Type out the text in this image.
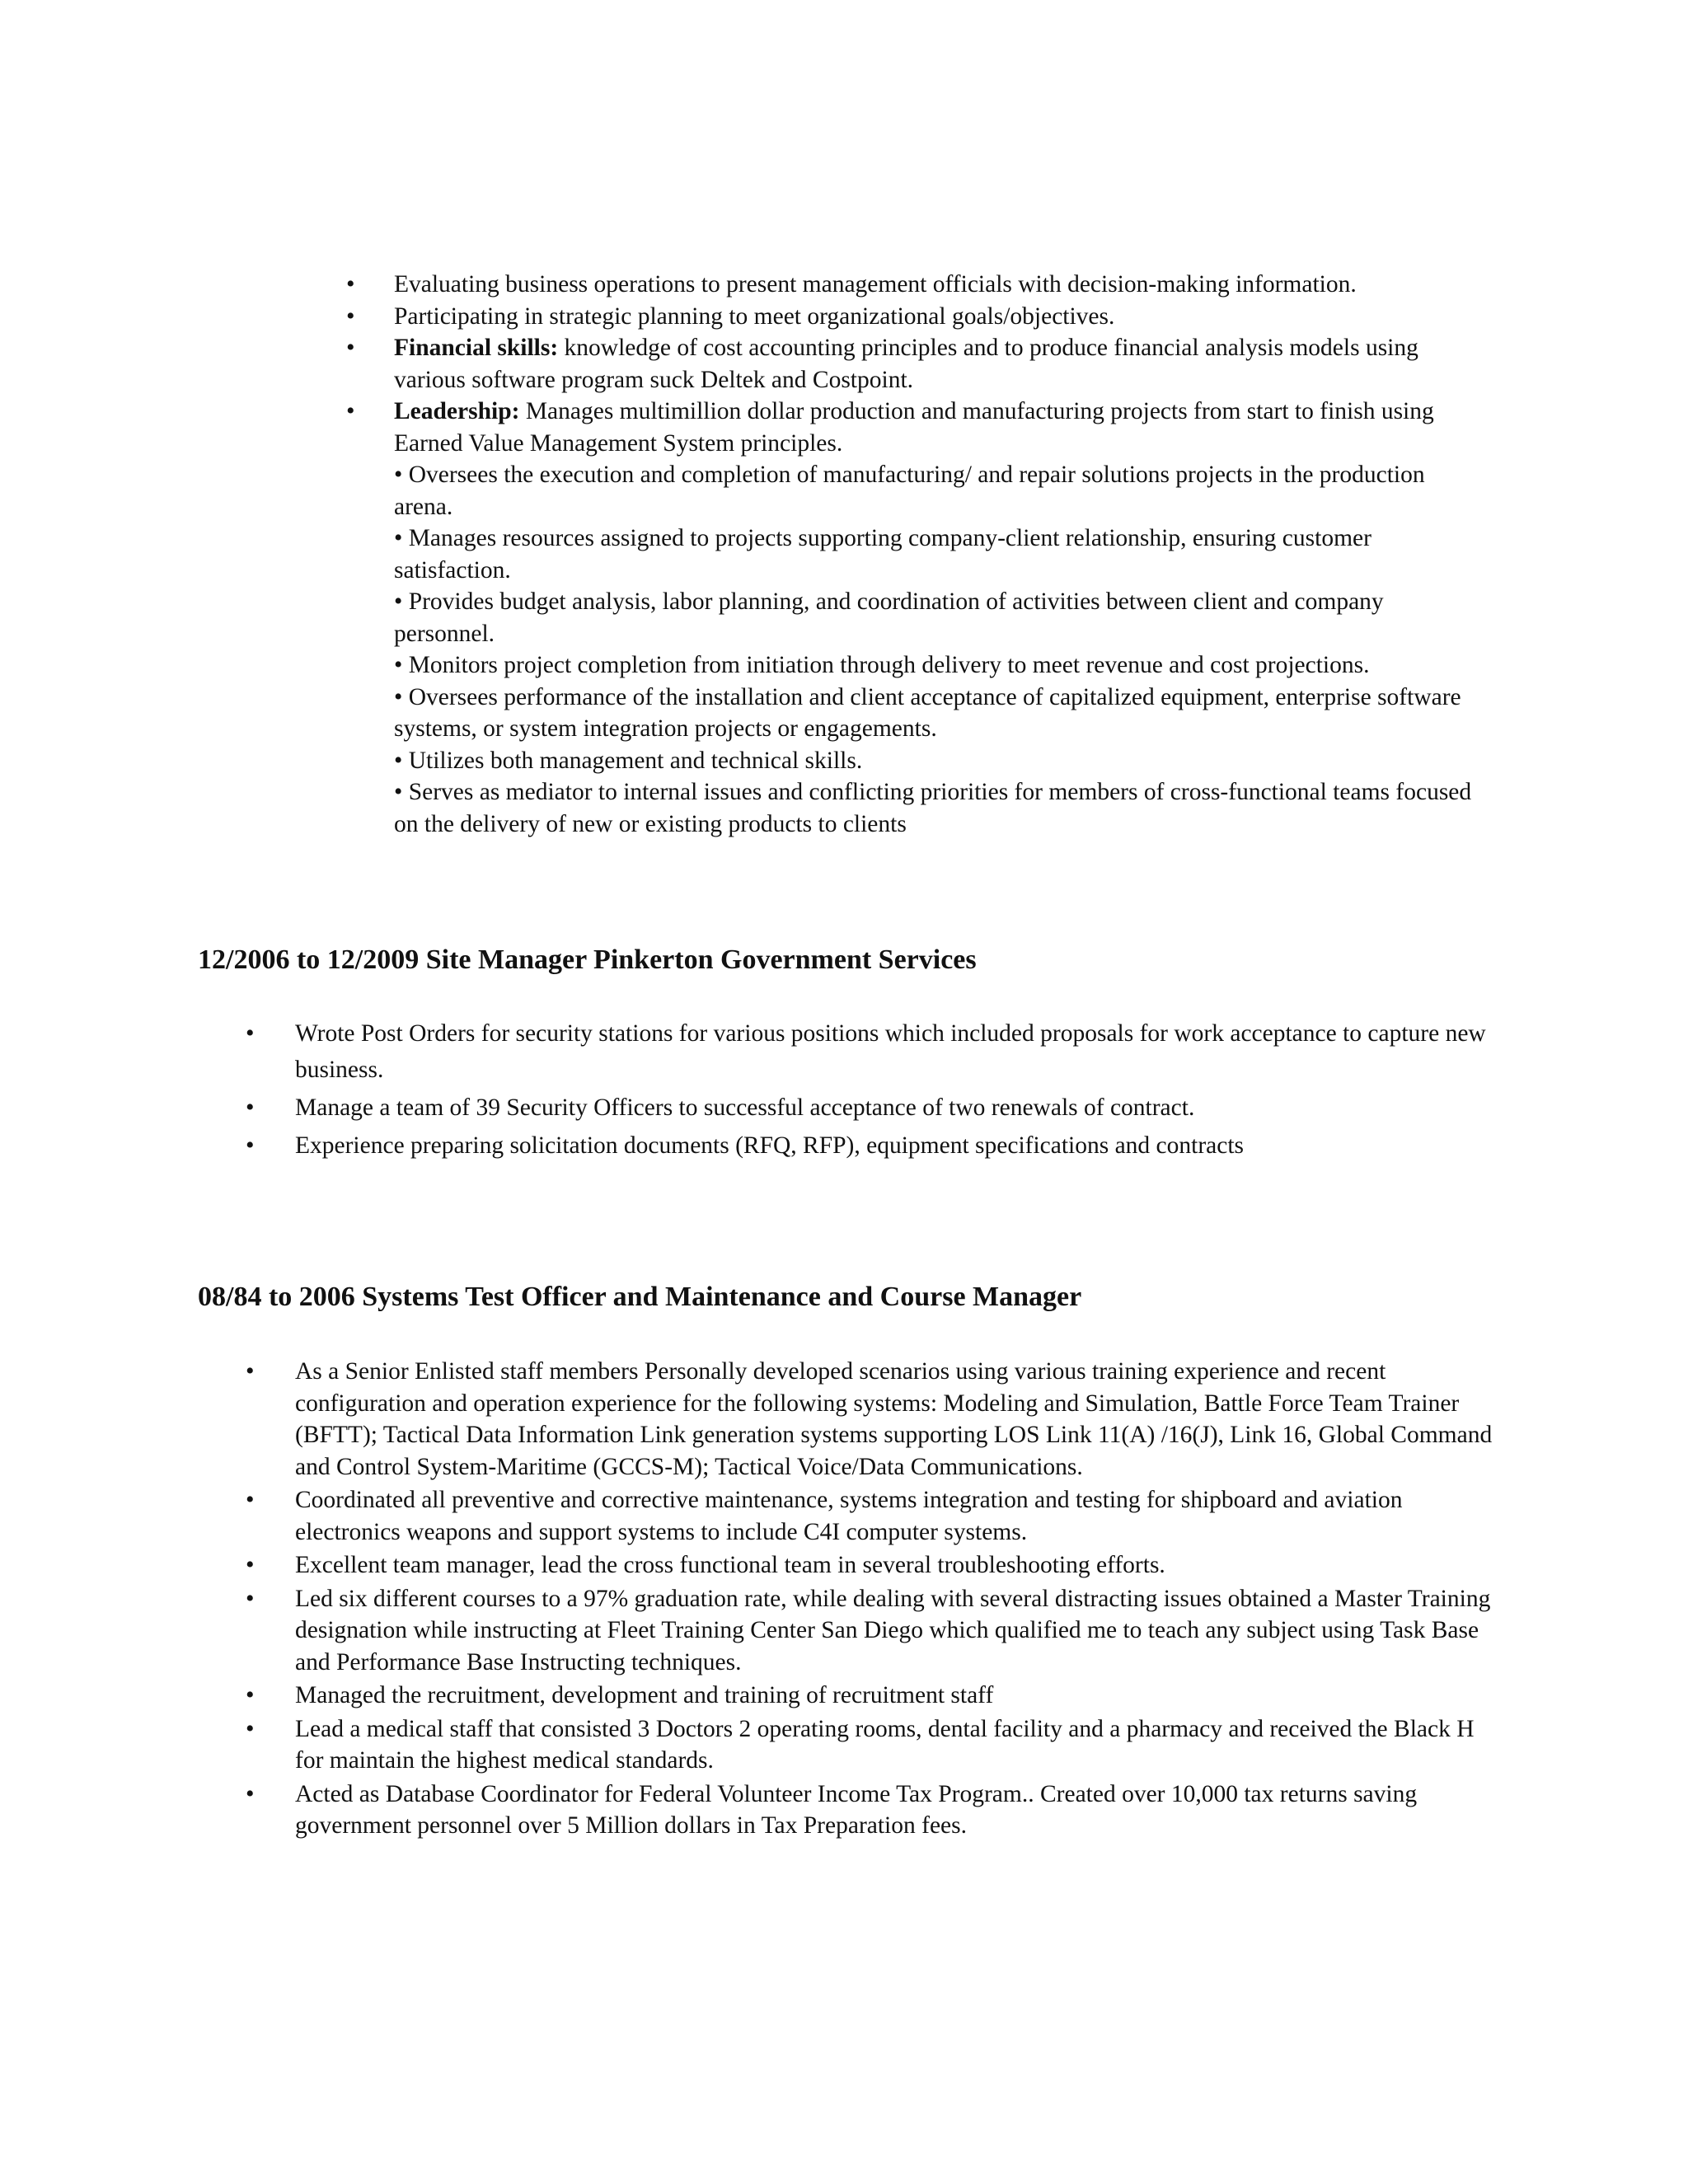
• Evaluating business operations to present management officials with decision-making information.
• Participating in strategic planning to meet organizational goals/objectives.
• Financial skills: knowledge of cost accounting principles and to produce financial analysis models using various software program suck Deltek and Costpoint.
• Leadership: Manages multimillion dollar production and manufacturing projects from start to finish using Earned Value Management System principles.
• Oversees the execution and completion of manufacturing/ and repair solutions projects in the production arena.
• Manages resources assigned to projects supporting company-client relationship, ensuring customer satisfaction.
• Provides budget analysis, labor planning, and coordination of activities between client and company personnel.
• Monitors project completion from initiation through delivery to meet revenue and cost projections.
• Oversees performance of the installation and client acceptance of capitalized equipment, enterprise software systems, or system integration projects or engagements.
• Utilizes both management and technical skills.
• Serves as mediator to internal issues and conflicting priorities for members of cross-functional teams focused on the delivery of new or existing products to clients
12/2006 to 12/2009 Site Manager Pinkerton Government Services
• Wrote Post Orders for security stations for various positions which included proposals for work acceptance to capture new business.
• Manage a team of 39 Security Officers to successful acceptance of two renewals of contract.
• Experience preparing solicitation documents (RFQ, RFP), equipment specifications and contracts
08/84 to 2006 Systems Test Officer and Maintenance and Course Manager
• As a Senior Enlisted staff members Personally developed scenarios using various training experience and recent configuration and operation experience for the following systems: Modeling and Simulation, Battle Force Team Trainer (BFTT); Tactical Data Information Link generation systems supporting LOS Link 11(A) /16(J), Link 16, Global Command and Control System-Maritime (GCCS-M); Tactical Voice/Data Communications.
• Coordinated all preventive and corrective maintenance, systems integration and testing for shipboard and aviation electronics weapons and support systems to include C4I computer systems.
• Excellent team manager, lead the cross functional team in several troubleshooting efforts.
• Led six different courses to a 97% graduation rate, while dealing with several distracting issues obtained a Master Training designation while instructing at Fleet Training Center San Diego which qualified me to teach any subject using Task Base and Performance Base Instructing techniques.
• Managed the recruitment, development and training of recruitment staff
• Lead a medical staff that consisted 3 Doctors 2 operating rooms, dental facility and a pharmacy and received the Black H for maintain the highest medical standards.
• Acted as Database Coordinator for Federal Volunteer Income Tax Program.. Created over 10,000 tax returns saving government personnel over 5 Million dollars in Tax Preparation fees.
